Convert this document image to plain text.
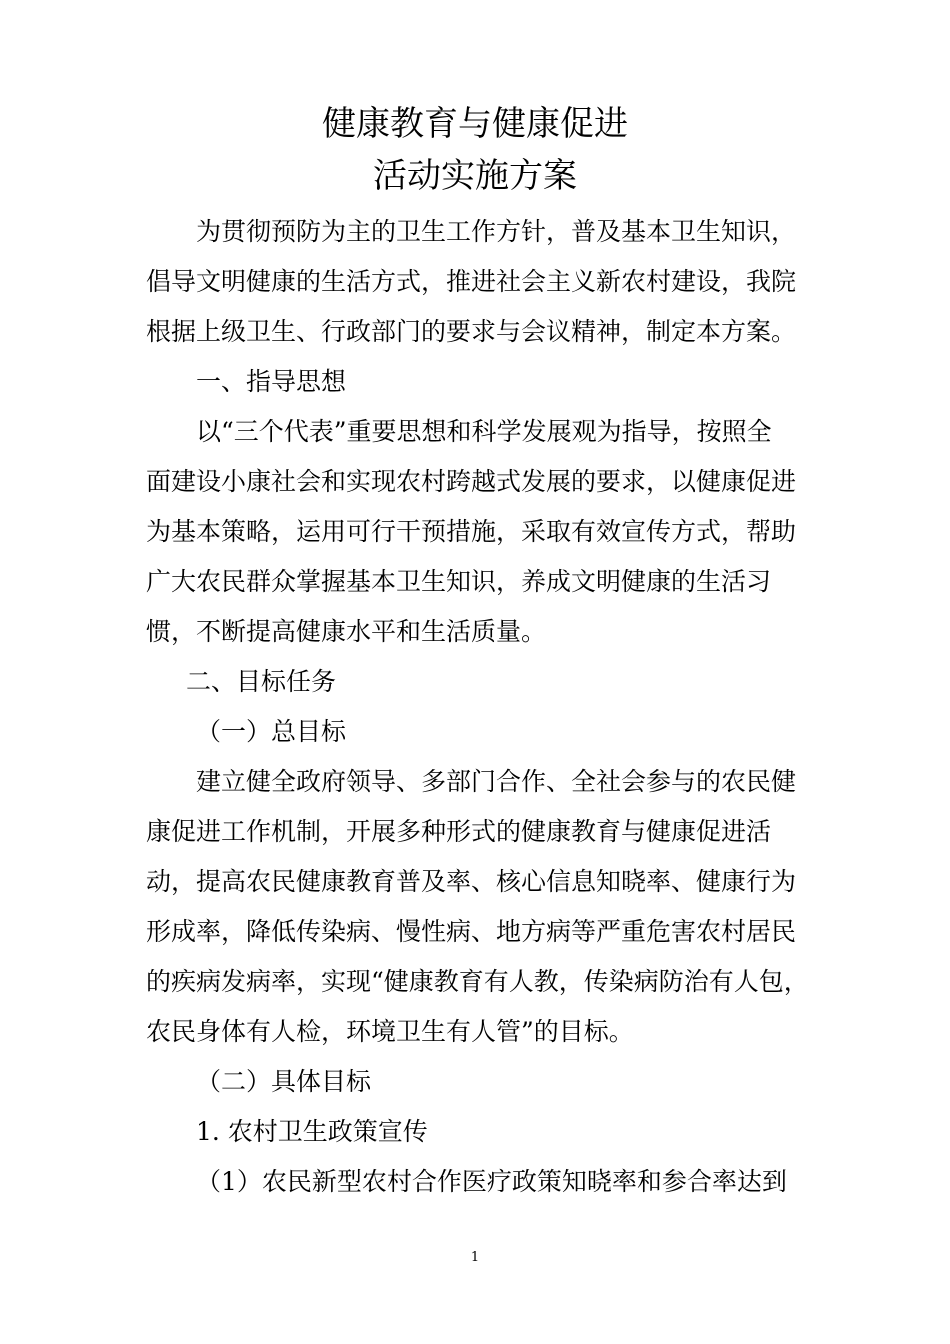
健康教育与健康促进
活动实施方案
为贯彻预防为主的卫生工作方针，普及基本卫生知识，
倡导文明健康的生活方式，推进社会主义新农村建设，我院
根据上级卫生、行政部门的要求与会议精神，制定本方案。
一、指导思想
以“三个代表”重要思想和科学发展观为指导，按照全
面建设小康社会和实现农村跨越式发展的要求，以健康促进
为基本策略，运用可行干预措施，采取有效宣传方式，帮助
广大农民群众掌握基本卫生知识，养成文明健康的生活习
惯，不断提高健康水平和生活质量。
二、目标任务
（一）总目标
建立健全政府领导、多部门合作、全社会参与的农民健
康促进工作机制，开展多种形式的健康教育与健康促进活
动，提高农民健康教育普及率、核心信息知晓率、健康行为
形成率，降低传染病、慢性病、地方病等严重危害农村居民
的疾病发病率，实现“健康教育有人教，传染病防治有人包，
农民身体有人检，环境卫生有人管”的目标。
（二）具体目标
1. 农村卫生政策宣传
（1）农民新型农村合作医疗政策知晓率和参合率达到
1
